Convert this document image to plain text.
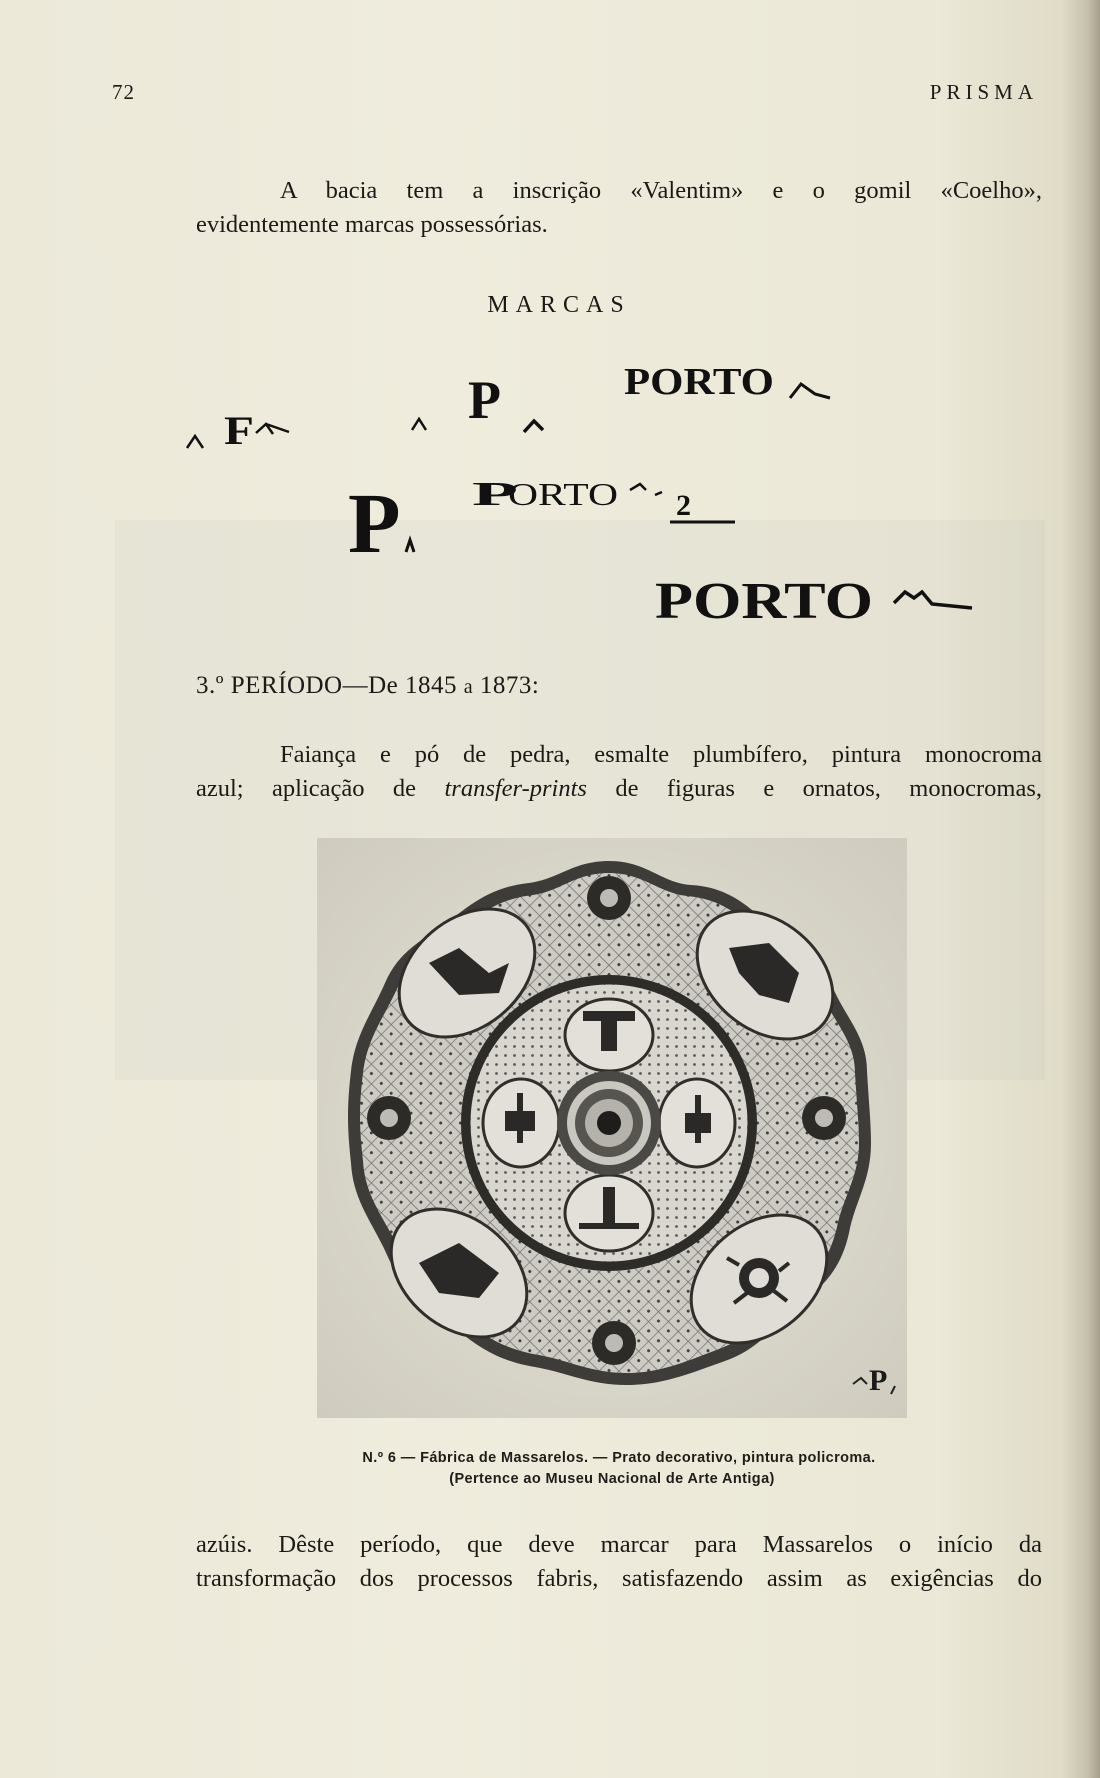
72	PRISMA
A bacia tem a inscrição «Valentim» e o gomil «Coelho»,
evidentemente marcas possessórias.
MARCAS
F
P	PORTO
P P
ORTO 2
PORTO
3.º PERÍODO—De 1845 a 1873:
Faiança e pó de pedra, esmalte plumbífero, pintura monocroma
azul; aplicação de transfer-prints de figuras e ornatos, monocromas,
P
N.º 6 — Fábrica de Massarelos. — Prato decorativo, pintura policroma.
(Pertence ao Museu Nacional de Arte Antiga)
azúis. Dêste período, que deve marcar para Massarelos o início da
transformação dos processos fabris, satisfazendo assim as exigências do
